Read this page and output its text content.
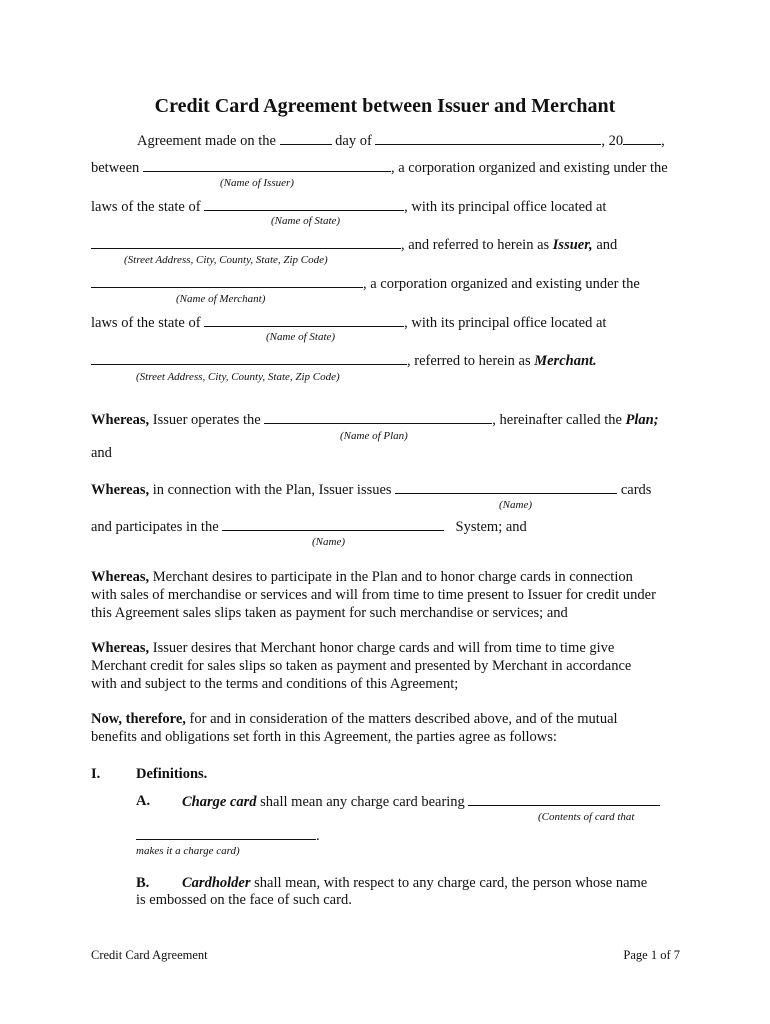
Credit Card Agreement between Issuer and Merchant
Agreement made on the	day of	, 20	,
between	, a corporation organized and existing under the
(Name of Issuer)
laws of the state of	, with its principal office located at
(Name of State)
, and referred to herein as Issuer, and
(Street Address, City, County, State, Zip Code)
, a corporation organized and existing under the
(Name of Merchant)
laws of the state of	, with its principal office located at
(Name of State)
, referred to herein as Merchant.
(Street Address, City, County, State, Zip Code)
Whereas, Issuer operates the	, hereinafter called the Plan;
(Name of Plan)
and
Whereas, in connection with the Plan, Issuer issues	cards
(Name)
and participates in the	System; and
(Name)
Whereas, Merchant desires to participate in the Plan and to honor charge cards in connection
with sales of merchandise or services and will from time to time present to Issuer for credit under
this Agreement sales slips taken as payment for such merchandise or services; and
Whereas, Issuer desires that Merchant honor charge cards and will from time to time give
Merchant credit for sales slips so taken as payment and presented by Merchant in accordance
with and subject to the terms and conditions of this Agreement;
Now, therefore, for and in consideration of the matters described above, and of the mutual
benefits and obligations set forth in this Agreement, the parties agree as follows:
I. Definitions.
A. Charge card shall mean any charge card bearing
(Contents of card that
.
makes it a charge card)
B. Cardholder shall mean, with respect to any charge card, the person whose name
is embossed on the face of such card.
Credit Card Agreement	Page 1 of 7
